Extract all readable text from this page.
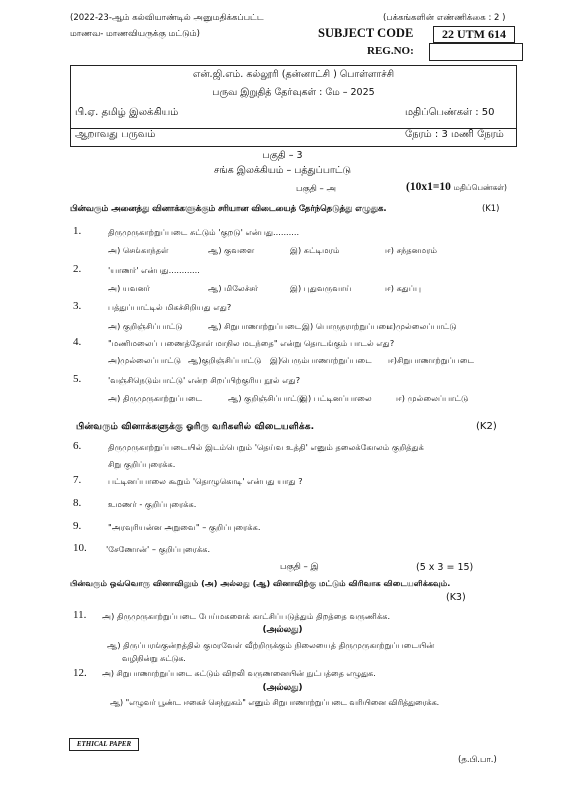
(2022-23-ஆம் கல்வியாண்டில் அனுமதிக்கப்பட்ட
மாணவ- மாணவியருக்கு மட்டும்)
(பக்கங்களின் எண்ணிக்கை : 2 )
SUBJECT CODE	22 UTM 614
REG.NO:
என்.ஜி.எம். கல்லூரி (தன்னாட்சி ) பொள்ளாச்சி
பருவ இறுதித் தேர்வுகள் : மே – 2025
பி.ஏ. தமிழ் இலக்கியம்	மதிப்பெண்கள் : 50
ஆறாவது பருவம்	நேரம் : 3 மணி நேரம்
பகுதி – 3
சங்க இலக்கியம் – பத்துப்பாட்டு
பகுதி – அ	(10x1=10 மதிப்பெண்கள்)
பின்வரும் அனைத்து வினாக்களுக்கும் சரியான விடையைத் தேர்ந்தெடுத்து எழுதுக.	(K1)
1.	திருமுருகாற்றுப்படை சுட்டும் 'குறடு' என்பது..........
அ) செங்காந்தள்	ஆ) குவளை	இ) சுட்டிமரம்	ஈ) சந்தனமரம்
2.	'யாணர்' என்பது............
அ) யவனர்	ஆ) மிலேச்சர்	இ) புதுவருவாய்	ஈ) கதுப்பு
3.	பத்துப்பாட்டில் மிகச்சிறியது எது?
அ) குறிஞ்சிப்பாட்டு	ஆ) சிறுபாணாற்றுப்படை இ) பொருநராற்றுப்படை
ஈ)முல்லைப்பாட்டு
4.	"மணிமலைப் பணைத்தோள் மாநில மடந்தை" என்று தொடங்கும் பாடல் எது?
அ)முல்லைப்பாட்டு ஆ)குறிஞ்சிப்பாட்டு இ)பெரும்பாணாற்றுப்படை ஈ)சிறுபாணாற்றுப்படை
5.	'வஞ்சிநெடும்பாட்டு' என்ற சிறப்பிற்குரிய நூல் எது?
அ) திருமுருகாற்றுப்படை	ஆ) குறிஞ்சிப்பாட்டு
இ) பட்டினப்பாலை	ஈ) முல்லைப்பாட்டு
பின்வரும் வினாக்களுக்கு ஓரிரு வரிகளில் விடையளிக்க.	(K2)
6.	திருமுருகாற்றுப்படையில் இடம்பெறும் 'தெய்வ உத்தி' எனும் தலைக்கோலம் குறித்துக்
சிறு குறிப்புரைக்க.
7.	பட்டினப்பாலை கூறும் 'தொழுகொடி' என்பது யாது ?
8.	உமணர் - குறிப்புரைக்க.
9.	"அரவுரியன்ன அறுவை" – குறிப்புரைக்க.
10. 'சேணோன்' – குறிப்புரைக்க.
பகுதி – இ	(5 x 3 = 15)
பின்வரும் ஒவ்வொரு வினாவிலும் (அ) அல்லது (ஆ) வினாவிற்கு மட்டும் விரிவாக விடையளிக்கவும்.
(K3)
11. அ) திருமுருகாற்றுப்படை பேய்மகளைக் காட்சிப்படுத்தும் திறத்தை வருணிக்க.
(அல்லது)
ஆ) திருப்பரங்குன்றத்தில் குமரவேள் வீற்றிருக்கும் நிலையைத் திருமுருகாற்றுப்படையின்
வழிநின்று சுட்டுக.
12. அ) சிறுபாணாற்றுப்படை சுட்டும் விறலி வருணனையின் நுட்பத்தை எழுதுக.
(அல்லது)
ஆ) "எழுவர் பூண்ட ஈகைச் செந்நுகம்" எனும் சிறுபாணாற்றுப்படை வரியினை விரித்துரைக்க.
(த.பி.பா.)
ETHICAL PAPER
